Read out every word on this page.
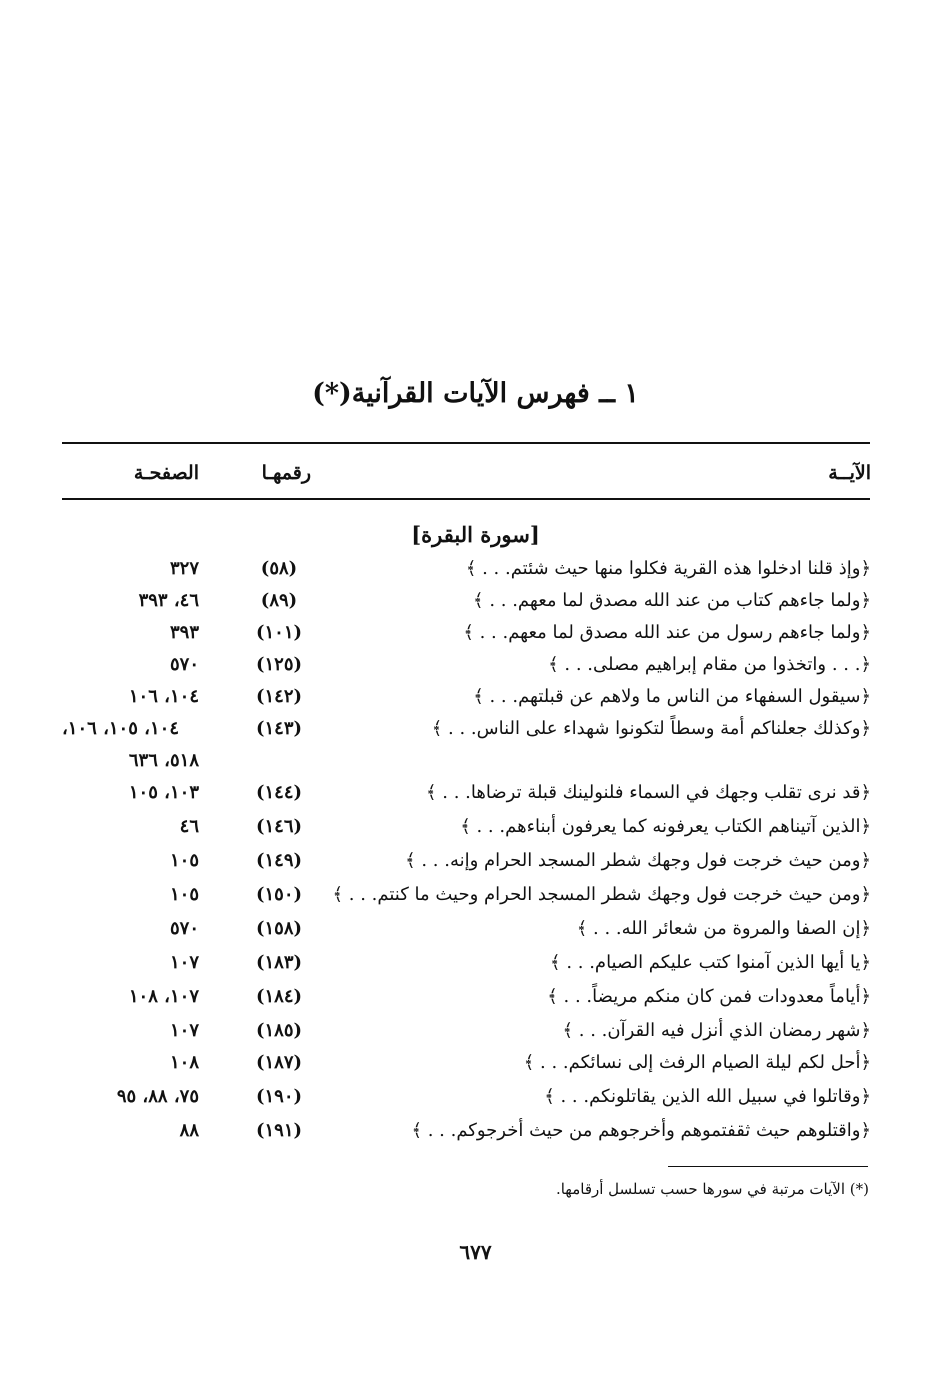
١ ــ فهرس الآيات القرآنية(*)
الآيــة
رقمهـا
الصفحـة
[سورة البقرة]
﴿وإذ قلنا ادخلوا هذه القرية فكلوا منها حيث شئتم. . . ﴾
(٥٨)
٣٢٧
﴿ولما جاءهم كتاب من عند الله مصدق لما معهم. . . ﴾
(٨٩)
٤٦، ٣٩٣
﴿ولما جاءهم رسول من عند الله مصدق لما معهم. . . ﴾
(١٠١)
٣٩٣
﴿. . . واتخذوا من مقام إبراهيم مصلى. . . ﴾
(١٢٥)
٥٧٠
﴿سيقول السفهاء من الناس ما ولاهم عن قبلتهم. . . ﴾
(١٤٢)
١٠٤، ١٠٦
﴿وكذلك جعلناكم أمة وسطاً لتكونوا شهداء على الناس. . . ﴾
(١٤٣)
١٠٤، ١٠٥، ١٠٦،
٥١٨، ٦٣٦
﴿قد نرى تقلب وجهك في السماء فلنولينك قبلة ترضاها. . . ﴾
(١٤٤)
١٠٣، ١٠٥
﴿الذين آتيناهم الكتاب يعرفونه كما يعرفون أبناءهم. . . ﴾
(١٤٦)
٤٦
﴿ومن حيث خرجت فول وجهك شطر المسجد الحرام وإنه. . . ﴾
(١٤٩)
١٠٥
﴿ومن حيث خرجت فول وجهك شطر المسجد الحرام وحيث ما كنتم. . . ﴾
(١٥٠)
١٠٥
﴿إن الصفا والمروة من شعائر الله. . . ﴾
(١٥٨)
٥٧٠
﴿يا أيها الذين آمنوا كتب عليكم الصيام. . . ﴾
(١٨٣)
١٠٧
﴿أياماً معدودات فمن كان منكم مريضاً. . . ﴾
(١٨٤)
١٠٧، ١٠٨
﴿شهر رمضان الذي أنزل فيه القرآن. . . ﴾
(١٨٥)
١٠٧
﴿أحل لكم ليلة الصيام الرفث إلى نسائكم. . . ﴾
(١٨٧)
١٠٨
﴿وقاتلوا في سبيل الله الذين يقاتلونكم. . . ﴾
(١٩٠)
٧٥، ٨٨، ٩٥
﴿واقتلوهم حيث ثقفتموهم وأخرجوهم من حيث أخرجوكم. . . ﴾
(١٩١)
٨٨
(*) الآيات مرتبة في سورها حسب تسلسل أرقامها.
٦٧٧
